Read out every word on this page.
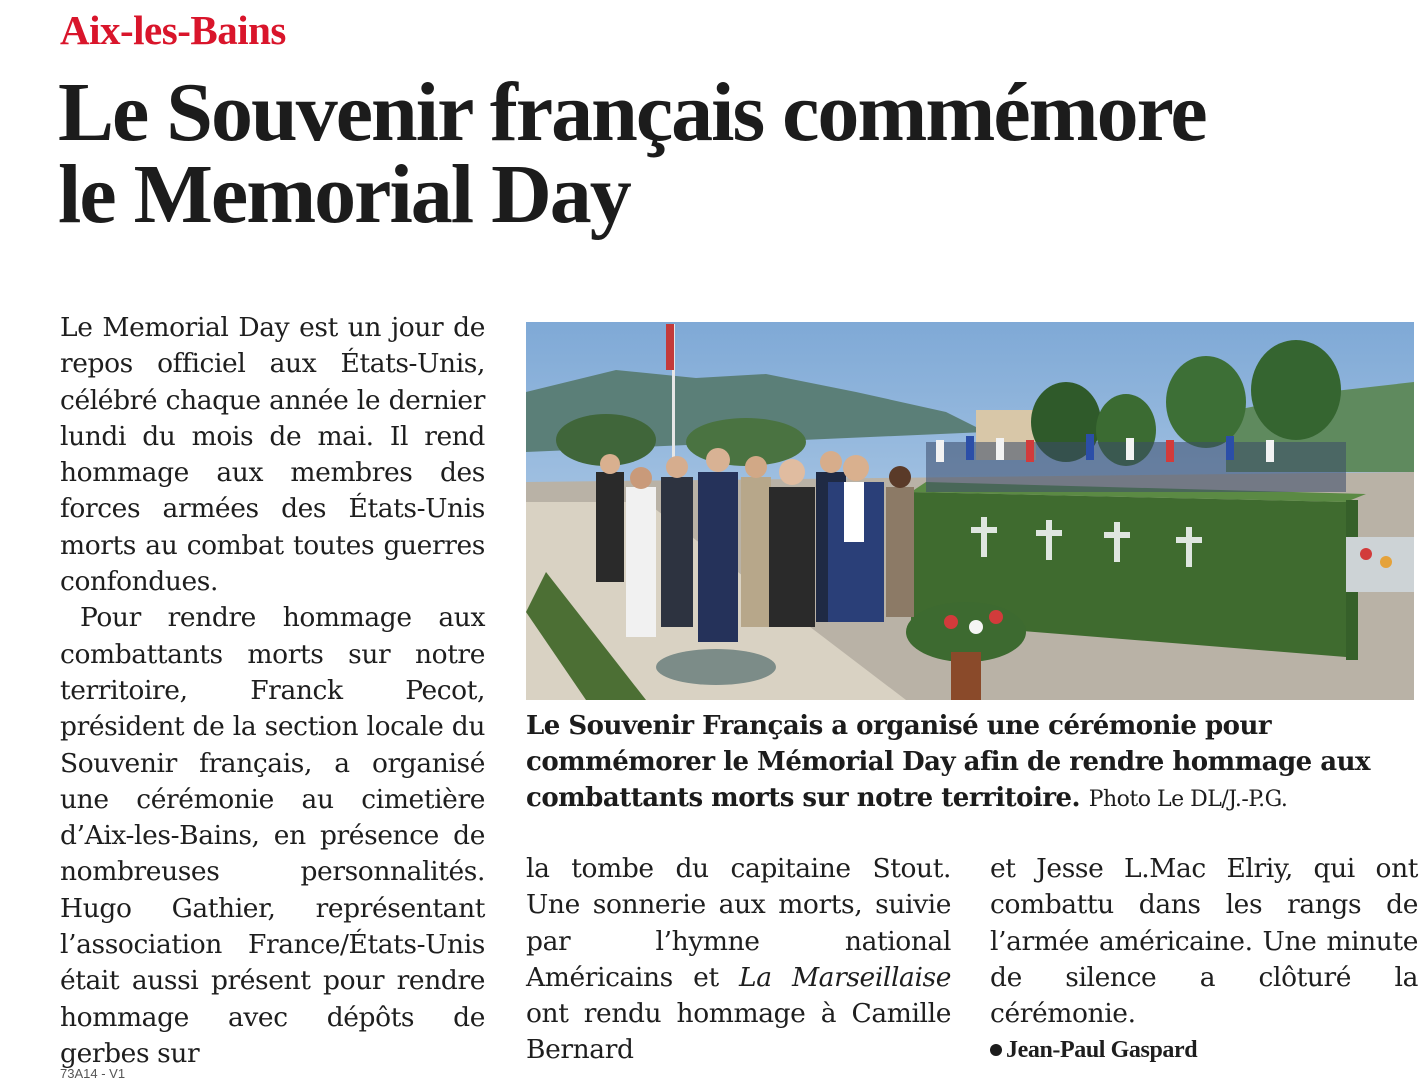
Aix-les-Bains
Le Souvenir français commémore
le Memorial Day

Le Memorial Day est un jour de repos officiel aux États-Unis, célébré chaque année le dernier lundi du mois de mai. Il rend hommage aux membres des forces armées des États-Unis morts au combat toutes guerres confondues.

Pour rendre hommage aux combattants morts sur notre territoire, Franck Pecot, président de la section locale du Souvenir français, a organisé une cérémonie au cimetière d’Aix-les-Bains, en présence de nombreuses personnalités. Hugo Gathier, représentant l’association France/États-Unis était aussi présent pour rendre hommage avec dépôts de gerbes sur

Le Souvenir Français a organisé une cérémonie pour commémorer le Mémorial Day afin de rendre hommage aux combattants morts sur notre territoire. Photo Le DL/J.-P.G.

la tombe du capitaine Stout. Une sonnerie aux morts, suivie par l’hymne national Américains et La Marseillaise ont rendu hommage à Camille Bernard

et Jesse L.Mac Elriy, qui ont combattu dans les rangs de l’armée américaine. Une minute de silence a clôturé la cérémonie.

Jean-Paul Gaspard

73A14 - V1
